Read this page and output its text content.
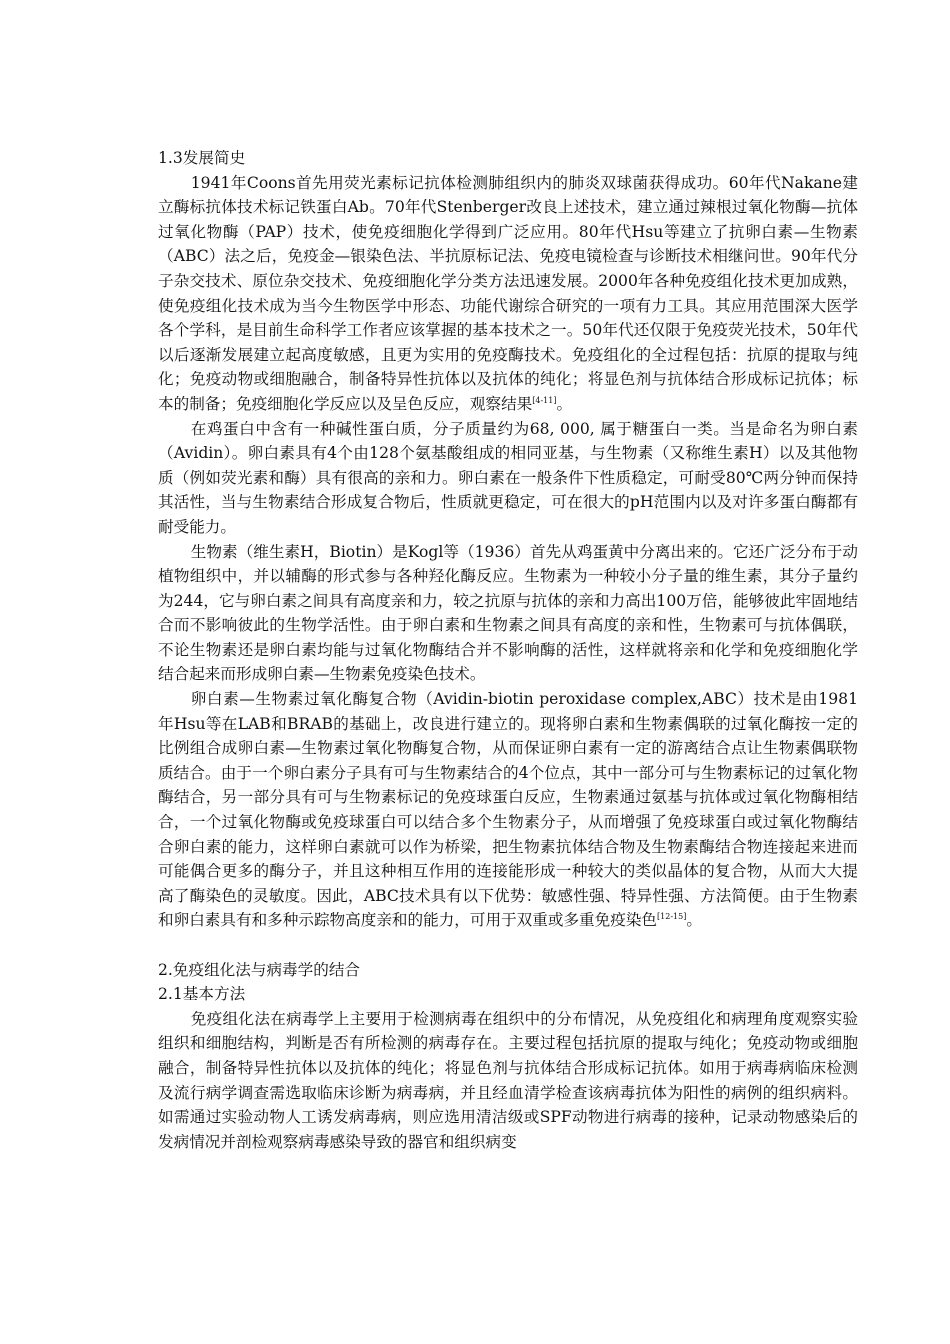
1.3发展简史

1941年Coons首先用荧光素标记抗体检测肺组织内的肺炎双球菌获得成功。60年代Nakane建立酶标抗体技术标记铁蛋白Ab。70年代Stenberger改良上述技术，建立通过辣根过氧化物酶—抗体过氧化物酶（PAP）技术，使免疫细胞化学得到广泛应用。80年代Hsu等建立了抗卵白素—生物素（ABC）法之后，免疫金—银染色法、半抗原标记法、免疫电镜检查与诊断技术相继问世。90年代分子杂交技术、原位杂交技术、免疫细胞化学分类方法迅速发展。2000年各种免疫组化技术更加成熟，使免疫组化技术成为当今生物医学中形态、功能代谢综合研究的一项有力工具。其应用范围深大医学各个学科，是目前生命科学工作者应该掌握的基本技术之一。50年代还仅限于免疫荧光技术，50年代以后逐渐发展建立起高度敏感，且更为实用的免疫酶技术。免疫组化的全过程包括：抗原的提取与纯化；免疫动物或细胞融合，制备特异性抗体以及抗体的纯化；将显色剂与抗体结合形成标记抗体；标本的制备；免疫细胞化学反应以及呈色反应，观察结果[4-11]。

在鸡蛋白中含有一种碱性蛋白质，分子质量约为68, 000, 属于糖蛋白一类。当是命名为卵白素（Avidin）。卵白素具有4个由128个氨基酸组成的相同亚基，与生物素（又称维生素H）以及其他物质（例如荧光素和酶）具有很高的亲和力。卵白素在一般条件下性质稳定，可耐受80℃两分钟而保持其活性，当与生物素结合形成复合物后，性质就更稳定，可在很大的pH范围内以及对许多蛋白酶都有耐受能力。

生物素（维生素H，Biotin）是Kogl等（1936）首先从鸡蛋黄中分离出来的。它还广泛分布于动植物组织中，并以辅酶的形式参与各种羟化酶反应。生物素为一种较小分子量的维生素，其分子量约为244，它与卵白素之间具有高度亲和力，较之抗原与抗体的亲和力高出100万倍，能够彼此牢固地结合而不影响彼此的生物学活性。由于卵白素和生物素之间具有高度的亲和性，生物素可与抗体偶联，不论生物素还是卵白素均能与过氧化物酶结合并不影响酶的活性，这样就将亲和化学和免疫细胞化学结合起来而形成卵白素—生物素免疫染色技术。

卵白素—生物素过氧化酶复合物（Avidin-biotin peroxidase complex,ABC）技术是由1981年Hsu等在LAB和BRAB的基础上，改良进行建立的。现将卵白素和生物素偶联的过氧化酶按一定的比例组合成卵白素—生物素过氧化物酶复合物，从而保证卵白素有一定的游离结合点让生物素偶联物质结合。由于一个卵白素分子具有可与生物素结合的4个位点，其中一部分可与生物素标记的过氧化物酶结合，另一部分具有可与生物素标记的免疫球蛋白反应，生物素通过氨基与抗体或过氧化物酶相结合，一个过氧化物酶或免疫球蛋白可以结合多个生物素分子，从而增强了免疫球蛋白或过氧化物酶结合卵白素的能力，这样卵白素就可以作为桥梁，把生物素抗体结合物及生物素酶结合物连接起来进而可能偶合更多的酶分子，并且这种相互作用的连接能形成一种较大的类似晶体的复合物，从而大大提高了酶染色的灵敏度。因此，ABC技术具有以下优势：敏感性强、特异性强、方法简便。由于生物素和卵白素具有和多种示踪物高度亲和的能力，可用于双重或多重免疫染色[12-15]。

2.免疫组化法与病毒学的结合

2.1基本方法

免疫组化法在病毒学上主要用于检测病毒在组织中的分布情况，从免疫组化和病理角度观察实验组织和细胞结构，判断是否有所检测的病毒存在。主要过程包括抗原的提取与纯化；免疫动物或细胞融合，制备特异性抗体以及抗体的纯化；将显色剂与抗体结合形成标记抗体。如用于病毒病临床检测及流行病学调查需选取临床诊断为病毒病，并且经血清学检查该病毒抗体为阳性的病例的组织病料。如需通过实验动物人工诱发病毒病，则应选用清洁级或SPF动物进行病毒的接种，记录动物感染后的发病情况并剖检观察病毒感染导致的器官和组织病变
